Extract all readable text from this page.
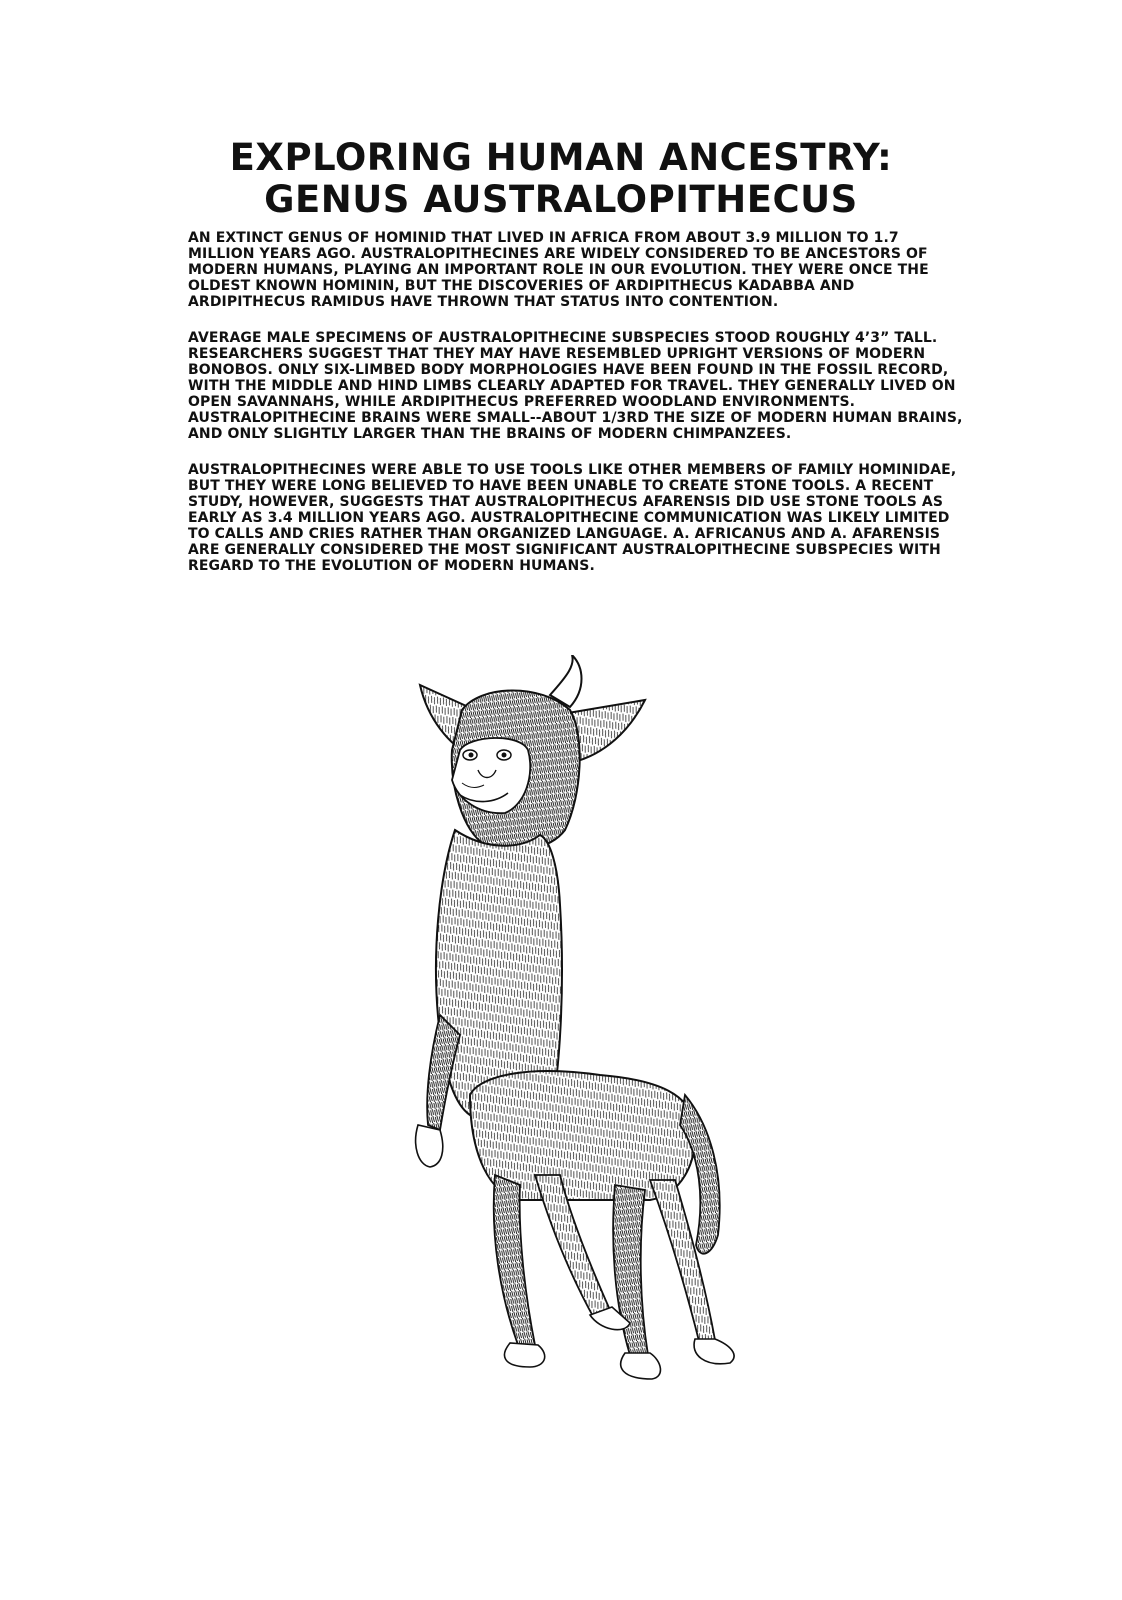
EXPLORING HUMAN ANCESTRY:
GENUS AUSTRALOPITHECUS

AN EXTINCT GENUS OF HOMINID THAT LIVED IN AFRICA FROM ABOUT 3.9 MILLION TO 1.7 MILLION YEARS AGO. AUSTRALOPITHECINES ARE WIDELY CONSIDERED TO BE ANCESTORS OF MODERN HUMANS, PLAYING AN IMPORTANT ROLE IN OUR EVOLUTION. THEY WERE ONCE THE OLDEST KNOWN HOMININ, BUT THE DISCOVERIES OF ARDIPITHECUS KADABBA AND ARDIPITHECUS RAMIDUS HAVE THROWN THAT STATUS INTO CONTENTION.

AVERAGE MALE SPECIMENS OF AUSTRALOPITHECINE SUBSPECIES STOOD ROUGHLY 4’3” TALL. RESEARCHERS SUGGEST THAT THEY MAY HAVE RESEMBLED UPRIGHT VERSIONS OF MODERN BONOBOS. ONLY SIX-LIMBED BODY MORPHOLOGIES HAVE BEEN FOUND IN THE FOSSIL RECORD, WITH THE MIDDLE AND HIND LIMBS CLEARLY ADAPTED FOR TRAVEL. THEY GENERALLY LIVED ON OPEN SAVANNAHS, WHILE ARDIPITHECUS PREFERRED WOODLAND ENVIRONMENTS. AUSTRALOPITHECINE BRAINS WERE SMALL--ABOUT 1/3RD THE SIZE OF MODERN HUMAN BRAINS, AND ONLY SLIGHTLY LARGER THAN THE BRAINS OF MODERN CHIMPANZEES.

AUSTRALOPITHECINES WERE ABLE TO USE TOOLS LIKE OTHER MEMBERS OF FAMILY HOMINIDAE, BUT THEY WERE LONG BELIEVED TO HAVE BEEN UNABLE TO CREATE STONE TOOLS. A RECENT STUDY, HOWEVER, SUGGESTS THAT AUSTRALOPITHECUS AFARENSIS DID USE STONE TOOLS AS EARLY AS 3.4 MILLION YEARS AGO. AUSTRALOPITHECINE COMMUNICATION WAS LIKELY LIMITED TO CALLS AND CRIES RATHER THAN ORGANIZED LANGUAGE. A. AFRICANUS AND A. AFARENSIS ARE GENERALLY CONSIDERED THE MOST SIGNIFICANT AUSTRALOPITHECINE SUBSPECIES WITH REGARD TO THE EVOLUTION OF MODERN HUMANS.
